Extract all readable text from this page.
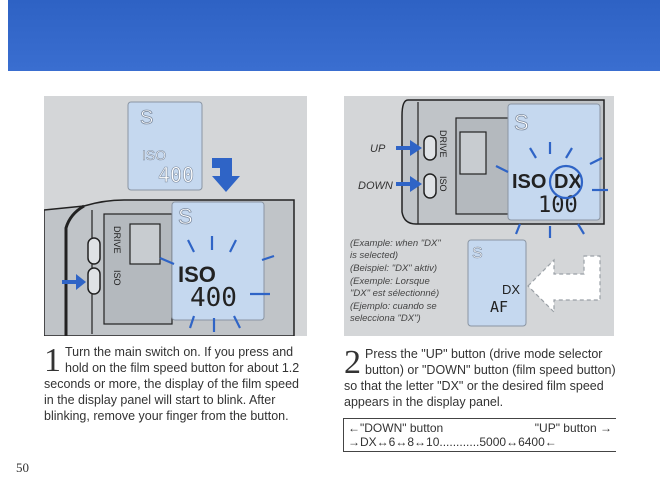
S
ISO
400
DRIVE
ISO
S
ISO
400
DRIVE
ISO
UP
DOWN
S
ISO DX
100
(Example: when "DX"
is selected)
(Beispiel: "DX" aktiv)
(Exemple: Lorsque
"DX" est sélectionné)
(Ejemplo: cuando se
selecciona "DX")
S
DX
AF
1 Turn the main switch on. If you press and hold on the film speed button for about 1.2 seconds or more, the display of the film speed in the display panel will start to blink. After blinking, remove your finger from the button.
2 Press the "UP" button (drive mode selector button) or "DOWN" button (film speed button) so that the letter "DX" or the desired film speed appears in the display panel.
←"DOWN" button	"UP" button →
→DX↔6↔8↔10............5000↔6400←
50
